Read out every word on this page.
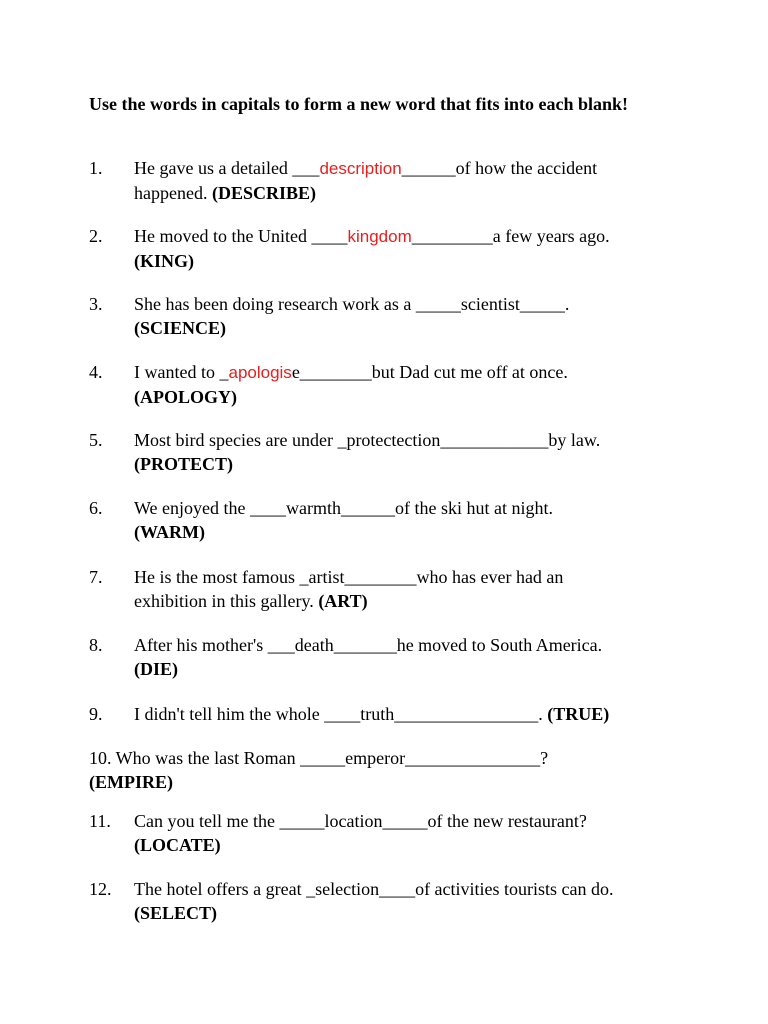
Use the words in capitals to form a new word that fits into each blank!

1. He gave us a detailed ___description______of how the accident
happened. (DESCRIBE)
2. He moved to the United ____kingdom_________a few years ago.
(KING)
3. She has been doing research work as a _____scientist_____.
(SCIENCE)
4. I wanted to _apologise________but Dad cut me off at once.
(APOLOGY)
5. Most bird species are under _protectection____________by law.
(PROTECT)
6. We enjoyed the ____warmth______of the ski hut at night.
(WARM)
7. He is the most famous _artist________who has ever had an
exhibition in this gallery. (ART)
8. After his mother's ___death_______he moved to South America.
(DIE)
9. I didn't tell him the whole ____truth________________. (TRUE)
10. Who was the last Roman _____emperor_______________?
(EMPIRE)
11. Can you tell me the _____location_____of the new restaurant?
(LOCATE)
12. The hotel offers a great _selection____of activities tourists can do.
(SELECT)
